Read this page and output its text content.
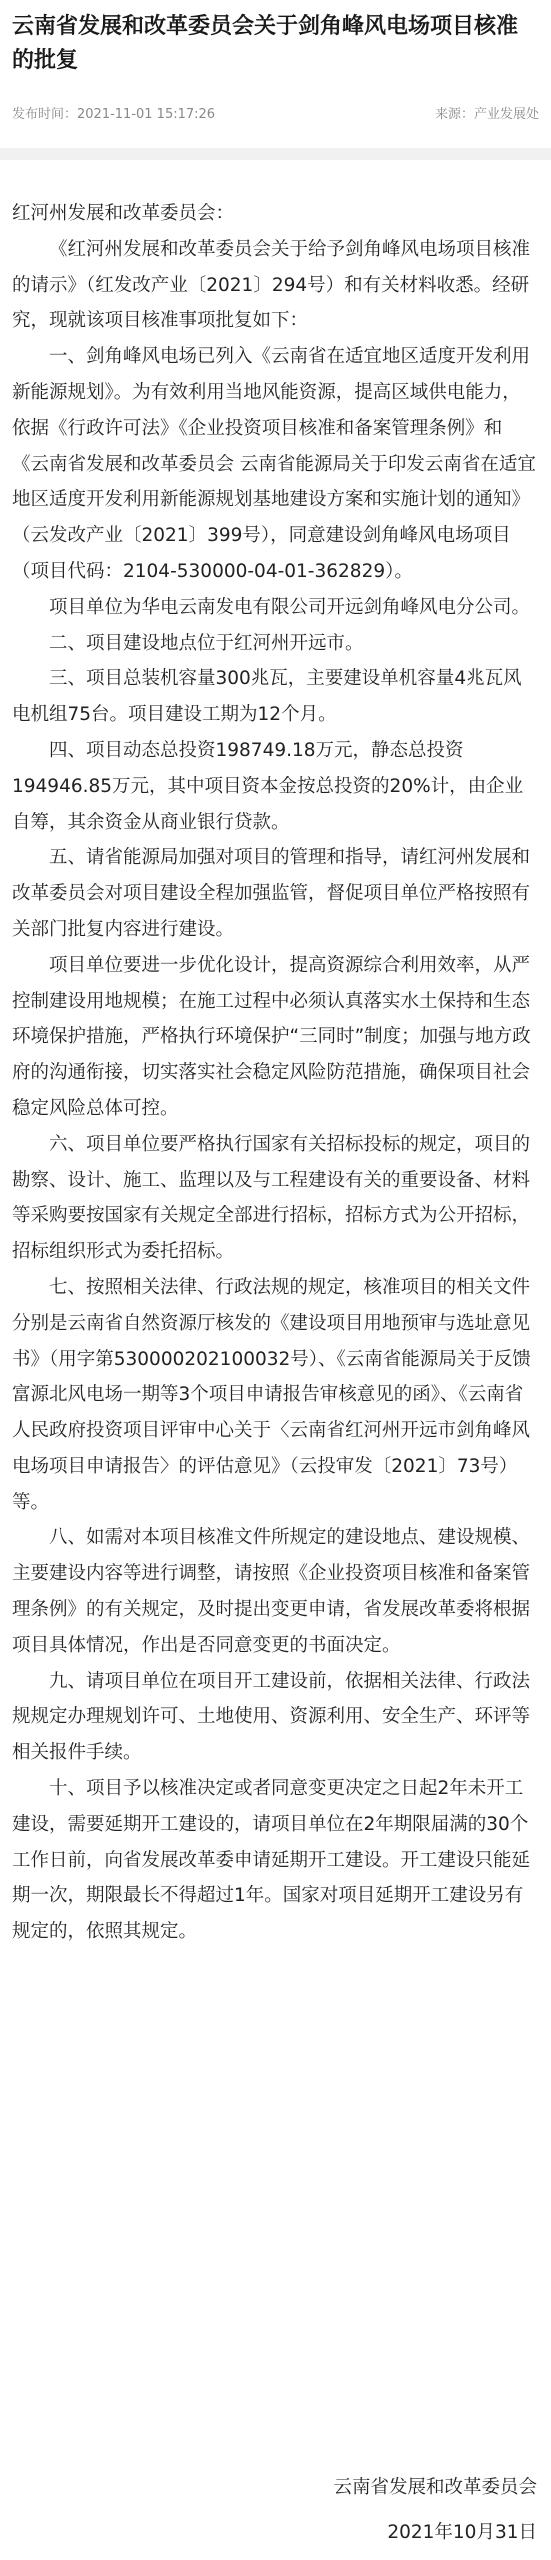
云南省发展和改革委员会关于剑角峰风电场项目核准的批复
发布时间：2021-11-01 15:17:26	来源：产业发展处

红河州发展和改革委员会：

《红河州发展和改革委员会关于给予剑角峰风电场项目核准的请示》（红发改产业〔2021〕294号）和有关材料收悉。经研究，现就该项目核准事项批复如下：

一、剑角峰风电场已列入《云南省在适宜地区适度开发利用新能源规划》。为有效利用当地风能资源，提高区域供电能力，依据《行政许可法》《企业投资项目核准和备案管理条例》和《云南省发展和改革委员会 云南省能源局关于印发云南省在适宜地区适度开发利用新能源规划基地建设方案和实施计划的通知》（云发改产业〔2021〕399号），同意建设剑角峰风电场项目（项目代码：2104-530000-04-01-362829）。

项目单位为华电云南发电有限公司开远剑角峰风电分公司。

二、项目建设地点位于红河州开远市。

三、项目总装机容量300兆瓦，主要建设单机容量4兆瓦风电机组75台。项目建设工期为12个月。

四、项目动态总投资198749.18万元，静态总投资194946.85万元，其中项目资本金按总投资的20%计，由企业自筹，其余资金从商业银行贷款。

五、请省能源局加强对项目的管理和指导，请红河州发展和改革委员会对项目建设全程加强监管，督促项目单位严格按照有关部门批复内容进行建设。

项目单位要进一步优化设计，提高资源综合利用效率，从严控制建设用地规模；在施工过程中必须认真落实水土保持和生态环境保护措施，严格执行环境保护“三同时”制度；加强与地方政府的沟通衔接，切实落实社会稳定风险防范措施，确保项目社会稳定风险总体可控。

六、项目单位要严格执行国家有关招标投标的规定，项目的勘察、设计、施工、监理以及与工程建设有关的重要设备、材料等采购要按国家有关规定全部进行招标，招标方式为公开招标，招标组织形式为委托招标。

七、按照相关法律、行政法规的规定，核准项目的相关文件分别是云南省自然资源厅核发的《建设项目用地预审与选址意见书》（用字第530000202100032号）、《云南省能源局关于反馈富源北风电场一期等3个项目申请报告审核意见的函》、《云南省人民政府投资项目评审中心关于〈云南省红河州开远市剑角峰风电场项目申请报告〉的评估意见》（云投审发〔2021〕73号）等。

八、如需对本项目核准文件所规定的建设地点、建设规模、主要建设内容等进行调整，请按照《企业投资项目核准和备案管理条例》的有关规定，及时提出变更申请，省发展改革委将根据项目具体情况，作出是否同意变更的书面决定。

九、请项目单位在项目开工建设前，依据相关法律、行政法规规定办理规划许可、土地使用、资源利用、安全生产、环评等相关报件手续。

十、项目予以核准决定或者同意变更决定之日起2年未开工建设，需要延期开工建设的，请项目单位在2年期限届满的30个工作日前，向省发展改革委申请延期开工建设。开工建设只能延期一次，期限最长不得超过1年。国家对项目延期开工建设另有规定的，依照其规定。

云南省发展和改革委员会
2021年10月31日
